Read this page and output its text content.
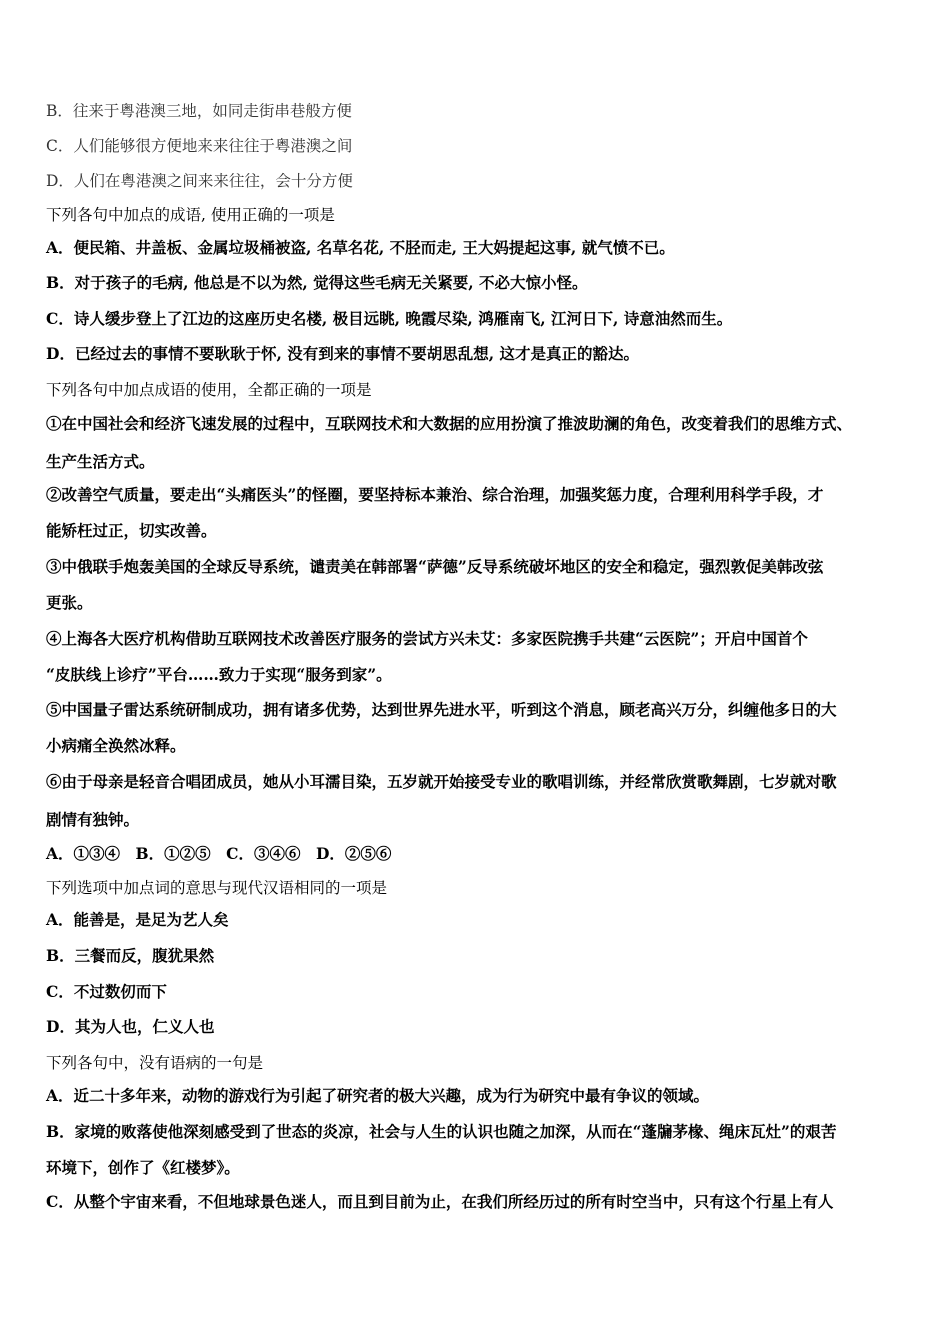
B．往来于粤港澳三地，如同走街串巷般方便
C．人们能够很方便地来来往往于粤港澳之间
D．人们在粤港澳之间来来往往，会十分方便
下列各句中加点的成语, 使用正确的一项是
A．便民箱、井盖板、金属垃圾桶被盗, 名草名花, 不胫而走, 王大妈提起这事, 就气愤不已。
B．对于孩子的毛病, 他总是不以为然, 觉得这些毛病无关紧要, 不必大惊小怪。
C．诗人缓步登上了江边的这座历史名楼, 极目远眺, 晚霞尽染, 鸿雁南飞, 江河日下, 诗意油然而生。
D．已经过去的事情不要耿耿于怀, 没有到来的事情不要胡思乱想, 这才是真正的豁达。
下列各句中加点成语的使用，全都正确的一项是
①在中国社会和经济飞速发展的过程中，互联网技术和大数据的应用扮演了推波助澜的角色，改变着我们的思维方式、
生产生活方式。
②改善空气质量，要走出“头痛医头”的怪圈，要坚持标本兼治、综合治理，加强奖惩力度，合理利用科学手段，才
能矫枉过正，切实改善。
③中俄联手炮轰美国的全球反导系统，谴责美在韩部署“萨德”反导系统破坏地区的安全和稳定，强烈敦促美韩改弦
更张。
④上海各大医疗机构借助互联网技术改善医疗服务的尝试方兴未艾：多家医院携手共建“云医院”；开启中国首个
“皮肤线上诊疗”平台……致力于实现“服务到家”。
⑤中国量子雷达系统研制成功，拥有诸多优势，达到世界先进水平，听到这个消息，顾老高兴万分，纠缠他多日的大
小病痛全涣然冰释。
⑥由于母亲是轻音合唱团成员，她从小耳濡目染，五岁就开始接受专业的歌唱训练，并经常欣赏歌舞剧，七岁就对歌
剧情有独钟。
A．①③④　B．①②⑤　C．③④⑥　D．②⑤⑥
下列选项中加点词的意思与现代汉语相同的一项是
A．能善是，是足为艺人矣
B．三餐而反，腹犹果然
C．不过数仞而下
D．其为人也，仁义人也
下列各句中，没有语病的一句是
A．近二十多年来，动物的游戏行为引起了研究者的极大兴趣，成为行为研究中最有争议的领域。
B．家境的败落使他深刻感受到了世态的炎凉，社会与人生的认识也随之加深，从而在“蓬牖茅椽、绳床瓦灶”的艰苦
环境下，创作了《红楼梦》。
C．从整个宇宙来看，不但地球景色迷人，而且到目前为止，在我们所经历过的所有时空当中，只有这个行星上有人
